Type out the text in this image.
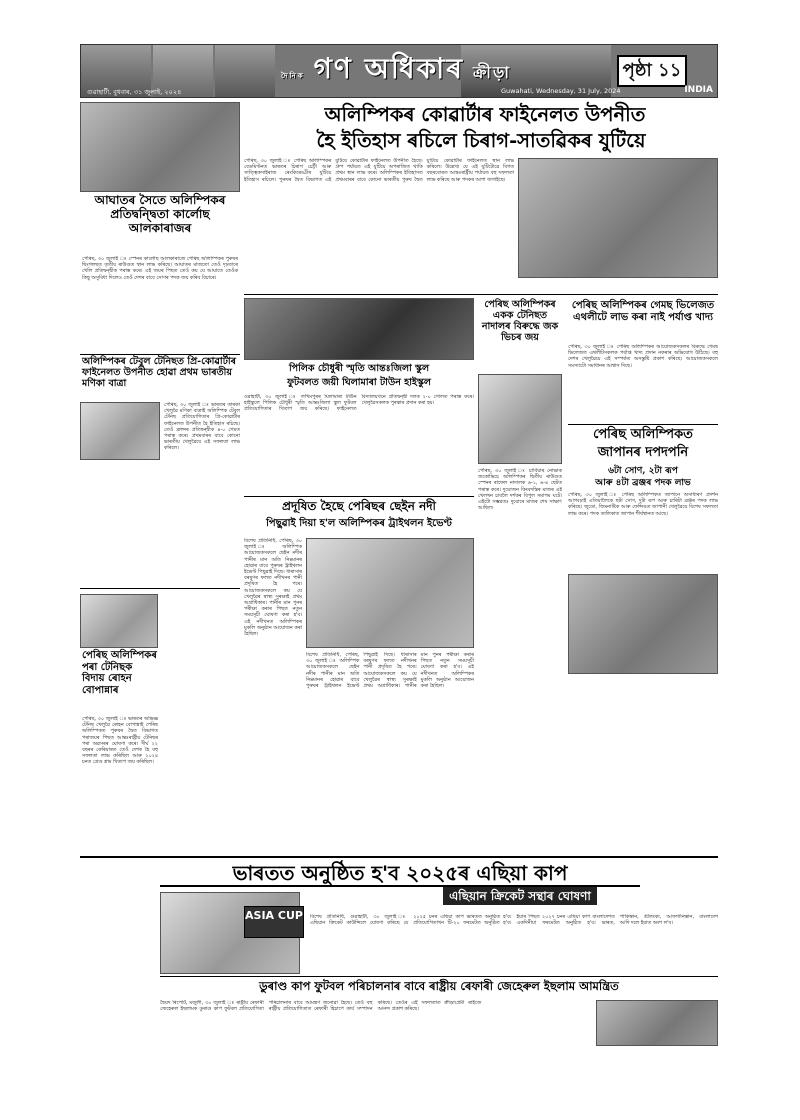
দৈনিক গণ অধিকাৰ ক্ৰীড়া	পৃষ্ঠা ১১
INDIA
গুৱাহাটী, বুধবাৰ, ৩১ জুলাই, ২০২৪	Guwahati, Wednesday, 31 July, 2024
আঘাতৰ সৈতে অলিম্পিকৰ প্ৰতিদ্বন্দ্বিতা কাৰ্লোছ আলকাৰাজৰ
পেৰিছ, ৩০ জুলাই ঃ স্পেনৰ কাৰ্লোছ আলকাৰাজে পেৰিছ অলিম্পিকৰ পুৰুষৰ ছিংগলছত তৃতীয় ৰাউণ্ডত স্থান লাভ কৰিছে। আঘাতৰ মাজতো তেওঁ দৃঢ়তাৰে খেলি প্ৰতিদ্বন্দ্বীক পৰাস্ত কৰে। এই জয়ৰ পিছত তেওঁ কয় যে আঘাতে তেওঁক কিছু অসুবিধা দিলেও তেওঁ দেশৰ বাবে সোণৰ পদক জয় কৰিব বিচাৰে।
অলিম্পিকৰ টেবুল টেনিছত প্ৰি-কোৱাৰ্টাৰ ফাইনেলত উপনীত হোৱা প্ৰথম ভাৰতীয় মণিকা বাত্ৰা
পেৰিছ, ৩০ জুলাই ঃ ভাৰতৰ তাৰকা খেলুৱৈ মণিকা বাত্ৰাই অলিম্পিক টেবুল টেনিছ প্ৰতিযোগিতাৰ প্ৰি-কোৱাৰ্টাৰ ফাইনেলত উপনীত হৈ ইতিহাস ৰচিছে। তেওঁ ফ্ৰান্সৰ প্ৰতিদ্বন্দ্বীক ৪-০ গেমত পৰাস্ত কৰে। প্ৰথমবাৰৰ বাবে কোনো ভাৰতীয় খেলুৱৈয়ে এই সফলতা লাভ কৰিলে।
পেৰিছ অলিম্পিকৰ পৰা টেনিছক বিদায় ৰোহন বোপান্নাৰ
পেৰিছ, ৩০ জুলাই ঃ ভাৰতৰ অভিজ্ঞ টেনিছ খেলুৱৈ ৰোহন বোপান্নাই পেৰিছ অলিম্পিকত পুৰুষৰ দ্বৈত বিভাগত পৰাজয়ৰ পিছত আন্তঃৰাষ্ট্ৰীয় টেনিছৰ পৰা অৱসৰৰ ঘোষণা কৰে। দীৰ্ঘ ২২ বছৰৰ কেৰিয়াৰত তেওঁ দেশৰ হৈ বহু সফলতা লাভ কৰিছিল আৰু ২০২৪ চনত গ্ৰেণ্ড শ্লাম খিতাপ জয় কৰিছিল।
অলিম্পিকৰ কোৱাৰ্টাৰ ফাইনেলত উপনীত
হৈ ইতিহাস ৰচিলে চিৰাগ-সাতৱিকৰ যুটিয়ে
পেৰিছ, ৩০ জুলাই ঃ পেৰিছ অলিম্পিকৰ বেডমিণ্টনত ভাৰতৰ চিৰাগ চেট্টী আৰু সাত্ত্বিকসাইৰাজ ৰেংকিৰেড্ডীৰ যুটিয়ে ইতিহাস ৰচিলে। পুৰুষৰ দ্বৈত বিভাগত এই যুটিয়ে কোৱাৰ্টাৰ ফাইনেলত উপনীত হৈছে। গ্ৰুপ পৰ্যায়ত এই যুটিয়ে অপৰাজিত থাকি প্ৰথম স্থান লাভ কৰে। অলিম্পিকৰ ইতিহাসত প্ৰথমবাৰৰ বাবে কোনো ভাৰতীয় পুৰুষ দ্বৈত যুটিয়ে কোৱাৰ্টাৰ ফাইনেলত স্থান লাভ কৰিলে। উল্লেখ্য যে এই যুটিটোৱে বিগত বছৰবোৰত আন্তঃৰাষ্ট্ৰীয় পৰ্যায়ত বহু সফলতা লাভ কৰিছে আৰু পদকৰ আশা জগাইছে।
পিলিক চৌধুৰী স্মৃতি আন্তঃজিলা স্কুল
ফুটবলত জয়ী ঘিলামাৰা টাউন হাইস্কুল
ওৱাহাটী, ৩০ জুলাই ঃ লখিমপুৰৰ ঘিলামাৰা টাউন হাইস্কুলে পিলিক চৌধুৰী স্মৃতি আন্তঃজিলা স্কুল ফুটবল প্ৰতিযোগিতাৰ খিতাপ জয় কৰিছে। ফাইনেলত বিদ্যালয়খনে প্ৰতিদ্বন্দ্বী দলক ২-০ গোলত পৰাস্ত কৰে। খেলুৱৈসকলক পুৰস্কাৰ প্ৰদান কৰা হয়।
পেৰিছ অলিম্পিকৰ একক টেনিছত নাদালৰ বিৰুদ্ধে জক ভিচৰ জয়
পেৰিছ, ৩০ জুলাই ঃ চাৰ্বিয়াৰ নোভাক জকোভিচে অলিম্পিকৰ দ্বিতীয় ৰাউণ্ডত স্পেনৰ ৰাফেল নাদালক ৬-১, ৬-৪ ছেটত পৰাস্ত কৰে। দুয়োজন কিংবদন্তিৰ মাজৰ এই খেলখন চাবলৈ দৰ্শকৰ বিপুল সমাগম ঘটে। এইটো সম্ভৱতঃ দুয়োৰে মাজৰ শেষ সাক্ষাৎ আছিল।
পেৰিছ অলিম্পিকৰ গেমছ ভিলেজত এথলীটে লাভ কৰা নাই পৰ্যাপ্ত খাদ্য
পেৰিছ, ৩০ জুলাই ঃ পেৰিছ অলিম্পিকৰ আয়োজকসকলৰ বিৰুদ্ধে গেমছ ভিলেজত এথলীটসকলক পৰ্যাপ্ত খাদ্য প্ৰদান নকৰাৰ অভিযোগ উঠিছে। বহু দেশৰ খেলুৱৈয়ে এই সম্পৰ্কত অসন্তুষ্টি প্ৰকাশ কৰিছে। আয়োজকসকলে সমস্যাটো সমাধানৰ আশ্বাস দিছে।
পেৰিছ অলিম্পিকত
জাপানৰ দপদপনি
৬টা সোণ, ২টা ৰূপ
আৰু ৪টা ব্ৰঞ্জৰ পদক লাভ
পেৰিছ, ৩০ জুলাই ঃ পেৰিছ অলিম্পিকত জাপানে অসাধাৰণ প্ৰদৰ্শন আগবঢ়াই এতিয়ালৈকে ছটা সোণ, দুটা ৰূপ আৰু চাৰিটা ব্ৰঞ্জৰ পদক লাভ কৰিছে। জুডো, জিমনাষ্টিক আৰু ফেন্সিঙত জাপানী খেলুৱৈয়ে বিশেষ সফলতা লাভ কৰে। পদক তালিকাত জাপান শীৰ্ষস্থানত আছে।
প্ৰদূষিত হৈছে পেৰিছৰ ছেইন নদী
পিছুৱাই দিয়া হ'ল অলিম্পিকৰ ট্ৰাইথলন ইভেণ্ট
বিশেষ প্ৰতিনিধি, পেৰিছ, ৩০ জুলাই ঃ অলিম্পিক আয়োজকসকলে ছেইন নদীৰ পানীৰ মান অতি নিম্নমানৰ হোৱাৰ বাবে পুৰুষৰ ট্ৰাইথলন ইভেণ্ট পিছুৱাই দিছে। ধাৰাসাৰ বৰষুণৰ ফলত নদীখনৰ পানী প্ৰদূষিত হৈ পৰে। আয়োজকসকলে কয় যে খেলুৱৈৰ স্বাস্থ্য সুৰক্ষাই প্ৰথম অগ্ৰাধিকাৰ। পানীৰ মান পুনৰ পৰীক্ষা কৰাৰ পিছত নতুন সময়সূচী ঘোষণা কৰা হ'ব। এই নদীখনত অলিম্পিকৰ মুকলি অনুষ্ঠান আয়োজন কৰা হৈছিল।
বিশেষ প্ৰতিনিধি, পেৰিছ, ৩০ জুলাই ঃ অলিম্পিক আয়োজকসকলে ছেইন নদীৰ পানীৰ মান অতি নিম্নমানৰ হোৱাৰ বাবে পুৰুষৰ ট্ৰাইথলন ইভেণ্ট পিছুৱাই দিছে। ধাৰাসাৰ বৰষুণৰ ফলত নদীখনৰ পানী প্ৰদূষিত হৈ পৰে। আয়োজকসকলে কয় যে খেলুৱৈৰ স্বাস্থ্য সুৰক্ষাই প্ৰথম অগ্ৰাধিকাৰ। পানীৰ মান পুনৰ পৰীক্ষা কৰাৰ পিছত নতুন সময়সূচী ঘোষণা কৰা হ'ব। এই নদীখনত অলিম্পিকৰ মুকলি অনুষ্ঠান আয়োজন কৰা হৈছিল।
ভাৰতত অনুষ্ঠিত হ'ব ২০২৫ৰ এছিয়া কাপ
এছিয়ান ক্ৰিকেট সন্থাৰ ঘোষণা
ASIA CUP বিশেষ প্ৰতিনিধি, গুৱাহাটী, ৩০ জুলাই ঃ এছিয়ান ক্ৰিকেট কাউন্সিলে ঘোষণা কৰিছে যে ২০২৫ চনৰ এছিয়া কাপ ভাৰতত অনুষ্ঠিত হ'ব। প্ৰতিযোগিতাখন টি-২০ ফৰমেটত অনুষ্ঠিত হ'ব। ইয়াৰ পিছত ২০২৭ চনৰ এছিয়া কাপ বাংলাদেশত একদিনীয়া ফৰমেটত অনুষ্ঠিত হ'ব। ভাৰত, পাকিস্তান, শ্ৰীলংকা, আফগানিস্তান, বাংলাদেশ আদি দলে ইয়াত অংশ ল'ব।
ডুৰাণ্ড কাপ ফুটবল পৰিচালনাৰ বাবে ৰাষ্ট্ৰীয় ৰেফাৰী জেহেৰুল ইছলাম আমন্ত্ৰিত
ছৈয়দ ৰিপোৰ্ট, মজুলী, ৩০ জুলাই ঃ ৰাষ্ট্ৰীয় ৰেফাৰী জেহেৰুল ইছলামক ডুৰাণ্ড কাপ ফুটবল প্ৰতিযোগিতা পৰিচালনাৰ বাবে আমন্ত্ৰণ জনোৱা হৈছে। তেওঁ বহু ৰাষ্ট্ৰীয় প্ৰতিযোগিতাত ৰেফাৰী হিচাপে কাৰ্য সম্পাদন কৰিছে। তেওঁৰ এই সফলতাত ক্ৰীড়াপ্ৰেমী ৰাইজে আনন্দ প্ৰকাশ কৰিছে।
